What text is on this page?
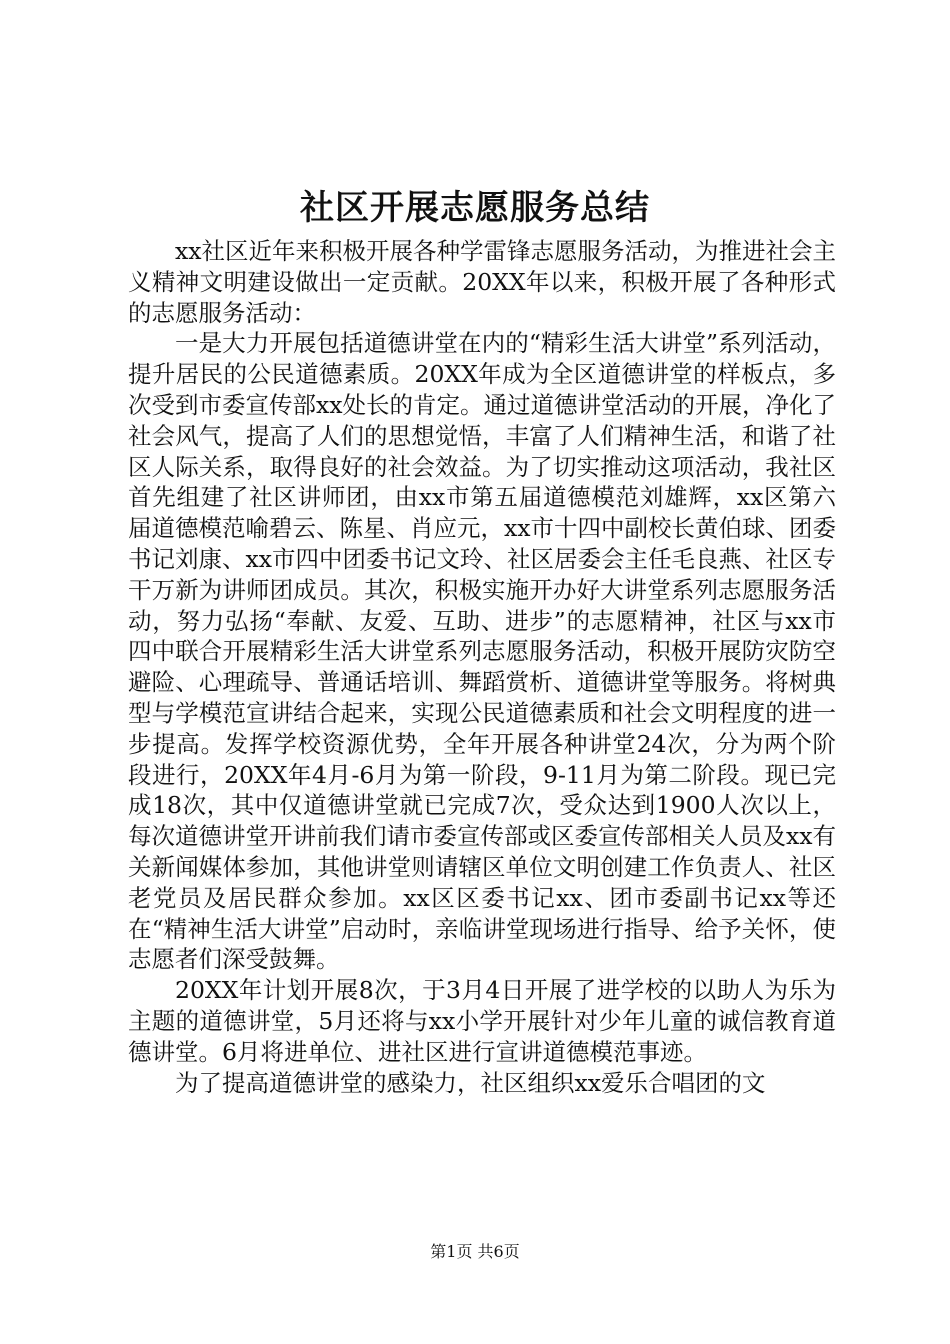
社区开展志愿服务总结

xx社区近年来积极开展各种学雷锋志愿服务活动，为推进社会主义精神文明建设做出一定贡献。20XX年以来，积极开展了各种形式的志愿服务活动：

一是大力开展包括道德讲堂在内的“精彩生活大讲堂”系列活动，提升居民的公民道德素质。20XX年成为全区道德讲堂的样板点，多次受到市委宣传部xx处长的肯定。通过道德讲堂活动的开展，净化了社会风气，提高了人们的思想觉悟，丰富了人们精神生活，和谐了社区人际关系，取得良好的社会效益。为了切实推动这项活动，我社区首先组建了社区讲师团，由xx市第五届道德模范刘雄辉，xx区第六届道德模范喻碧云、陈星、肖应元，xx市十四中副校长黄伯球、团委书记刘康、xx市四中团委书记文玲、社区居委会主任毛良燕、社区专干万新为讲师团成员。其次，积极实施开办好大讲堂系列志愿服务活动，努力弘扬“奉献、友爱、互助、进步”的志愿精神，社区与xx市四中联合开展精彩生活大讲堂系列志愿服务活动，积极开展防灾防空避险、心理疏导、普通话培训、舞蹈赏析、道德讲堂等服务。将树典型与学模范宣讲结合起来，实现公民道德素质和社会文明程度的进一步提高。发挥学校资源优势，全年开展各种讲堂24次，分为两个阶段进行，20XX年4月-6月为第一阶段，9-11月为第二阶段。现已完成18次，其中仅道德讲堂就已完成7次，受众达到1900人次以上，每次道德讲堂开讲前我们请市委宣传部或区委宣传部相关人员及xx有关新闻媒体参加，其他讲堂则请辖区单位文明创建工作负责人、社区老党员及居民群众参加。xx区区委书记xx、团市委副书记xx等还在“精神生活大讲堂”启动时，亲临讲堂现场进行指导、给予关怀，使志愿者们深受鼓舞。

20XX年计划开展8次，于3月4日开展了进学校的以助人为乐为主题的道德讲堂，5月还将与xx小学开展针对少年儿童的诚信教育道德讲堂。6月将进单位、进社区进行宣讲道德模范事迹。

为了提高道德讲堂的感染力，社区组织xx爱乐合唱团的文

第1页 共6页
